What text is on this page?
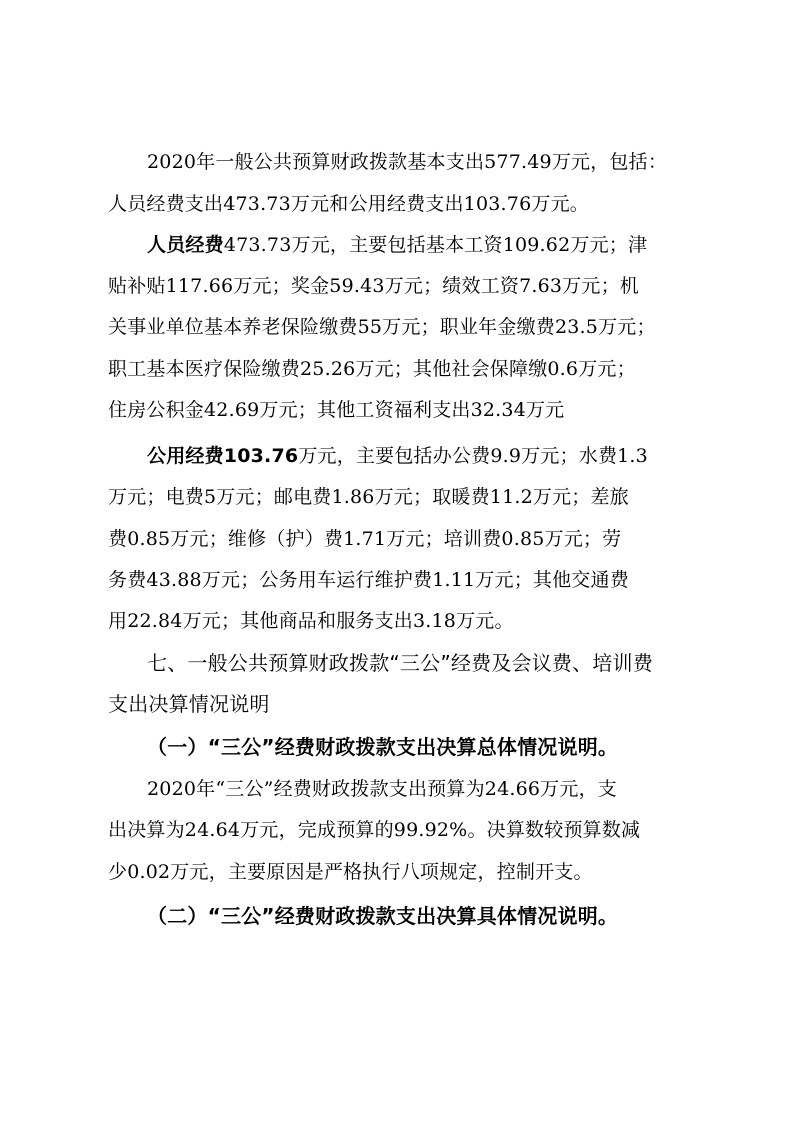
2020年一般公共预算财政拨款基本支出577.49万元，包括：
人员经费支出473.73万元和公用经费支出103.76万元。
人员经费473.73万元，主要包括基本工资109.62万元；津
贴补贴117.66万元；奖金59.43万元；绩效工资7.63万元；机
关事业单位基本养老保险缴费55万元；职业年金缴费23.5万元；
职工基本医疗保险缴费25.26万元；其他社会保障缴0.6万元；
住房公积金42.69万元；其他工资福利支出32.34万元
公用经费103.76万元，主要包括办公费9.9万元；水费1.3
万元；电费5万元；邮电费1.86万元；取暖费11.2万元；差旅
费0.85万元；维修（护）费1.71万元；培训费0.85万元；劳
务费43.88万元；公务用车运行维护费1.11万元；其他交通费
用22.84万元；其他商品和服务支出3.18万元。
七、一般公共预算财政拨款“三公”经费及会议费、培训费
支出决算情况说明
（一）“三公”经费财政拨款支出决算总体情况说明。
2020年“三公”经费财政拨款支出预算为24.66万元，支
出决算为24.64万元，完成预算的99.92%。决算数较预算数减
少0.02万元，主要原因是严格执行八项规定，控制开支。
（二）“三公”经费财政拨款支出决算具体情况说明。
